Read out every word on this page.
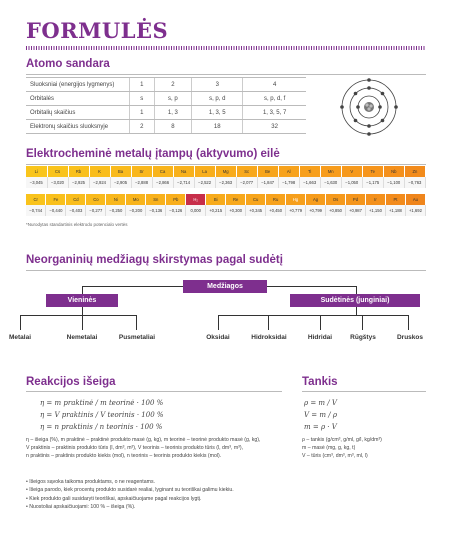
FORMULĖS
Atomo sandara
Sluoksniai (energijos lygmenys)	1	2	3	4
Orbitalės	s	s, p	s, p, d	s, p, d, f
Orbitalių skaičius	1	1, 3	1, 3, 5	1, 3, 5, 7
Elektronų skaičius sluoksnyje	2	8	18	32
Elektrocheminė metalų įtampų (aktyvumo) eilė
Li	Cs	Rb	K	Ba	Sr	Ca	Na	La	Mg	Sc	Be	Al	Ti	Mn	V	Te	Nb	Zn
−3,045	−3,020	−2,925	−2,924	−2,905	−2,888	−2,866	−2,714	−2,522	−2,363	−2,077	−1,847	−1,798	−1,663	−1,630	−1,050	−1,175	−1,100	−0,763
Cr	Fe	Cd	Co	Ni	Mo	Sn	Pb	H₂	Bi	Re	Cu	Ru	Hg	Ag	Os	Pd	Ir	Pt	Au
−0,744	−0,440	−0,403	−0,277	−0,250	−0,200	−0,136	−0,126	0,000	+0,215	+0,300	+0,345	+0,450	+0,779	+0,799	+0,850	+0,987	+1,150	+1,188	+1,692
*Nurodytas standartinis elektrodo potencialo vertės
Neorganinių medžiagų skirstymas pagal sudėtį
Medžiagos
Vieninės	Sudėtinės (junginiai)
Metalai	Nemetalai	Pusmetaliai	Oksidai	Hidroksidai	Hidridai	Rūgštys	Druskos
Reakcijos išeiga
η = m praktinė / m teorinė · 100 %
η = V praktinis / V teorinis · 100 %
η = n praktinis / n teorinis · 100 %
η – išeiga (%), m praktinė – praktinė produkto masė (g, kg), m teorinė – teorinė produkto masė (g, kg),
V praktinis – praktinis produkto tūris (l, dm³, m³), V teorinis – teorinis produkto tūris (l, dm³, m³),
n praktinis – praktinis produkto kiekis (mol), n teorinis – teorinis produkto kiekis (mol).
Tankis
ρ = m / V
V = m / ρ
m = ρ · V
ρ – tankis (g/cm³, g/ml, g/l, kg/dm³)
m – masė (mg, g, kg, t)
V – tūris (cm³, dm³, m³, ml, l)
• Išeigos sąvoka taikoma produktams, o ne reagentams.
• Išeiga parodo, kiek procentų produkto susidarė realiai, lyginant su teoriškai galimu kiekiu.
• Kiek produkto gali susidaryti teoriškai, apskaičiuojame pagal reakcijos lygtį.
• Nuostoliai apskaičiuojami: 100 % – išeiga (%).
